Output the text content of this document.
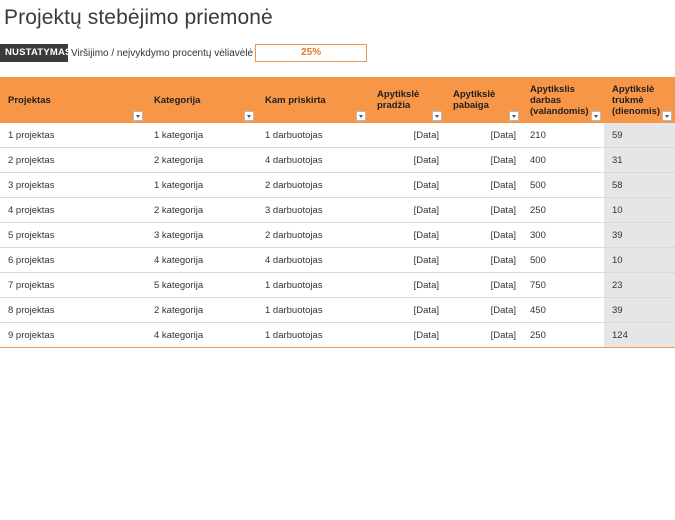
Projektų stebėjimo priemonė
NUSTATYMAS Viršijimo / neįvykdymo procentų vėliavėlė	25%
Projektas	Kategorija	Kam priskirta	Apytikslė pradžia	Apytikslė pabaiga	Apytikslis darbas (valandomis)	Apytikslė trukmė (dienomis)

1 projektas	1 kategorija	1 darbuotojas	[Data]	[Data]	210	59
2 projektas	2 kategorija	4 darbuotojas	[Data]	[Data]	400	31
3 projektas	1 kategorija	2 darbuotojas	[Data]	[Data]	500	58
4 projektas	2 kategorija	3 darbuotojas	[Data]	[Data]	250	10
5 projektas	3 kategorija	2 darbuotojas	[Data]	[Data]	300	39
6 projektas	4 kategorija	4 darbuotojas	[Data]	[Data]	500	10
7 projektas	5 kategorija	1 darbuotojas	[Data]	[Data]	750	23
8 projektas	2 kategorija	1 darbuotojas	[Data]	[Data]	450	39
9 projektas	4 kategorija	1 darbuotojas	[Data]	[Data]	250	124
